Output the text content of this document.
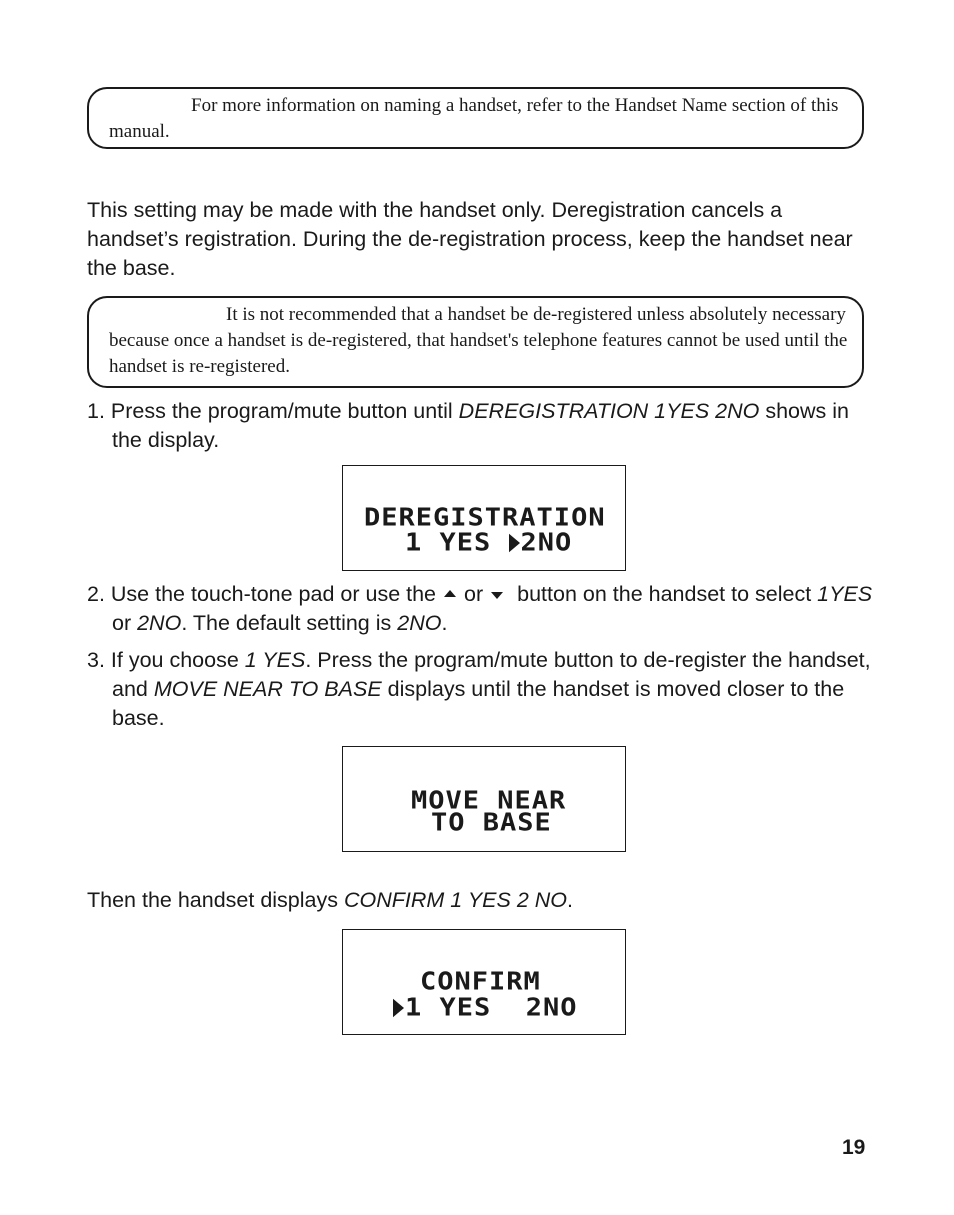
For more information on naming a handset, refer to the Handset Name section of this manual.
This setting may be made with the handset only. Deregistration cancels a handset’s registration. During the de-registration process, keep the handset near the base.
It is not recommended that a handset be de-registered unless absolutely necessary because once a handset is de-registered, that handset's telephone features cannot be used until the handset is re-registered.
1. Press the program/mute button until DEREGISTRATION 1YES 2NO shows in the display.
DEREGISTRATION
1 YES 2NO
2. Use the touch-tone pad or use the or button on the handset to select 1YES or 2NO. The default setting is 2NO.
3. If you choose 1 YES. Press the program/mute button to de-register the handset, and MOVE NEAR TO BASE displays until the handset is moved closer to the base.
MOVE NEAR
TO BASE
Then the handset displays CONFIRM 1 YES 2 NO.
CONFIRM
1 YES  2NO
19
